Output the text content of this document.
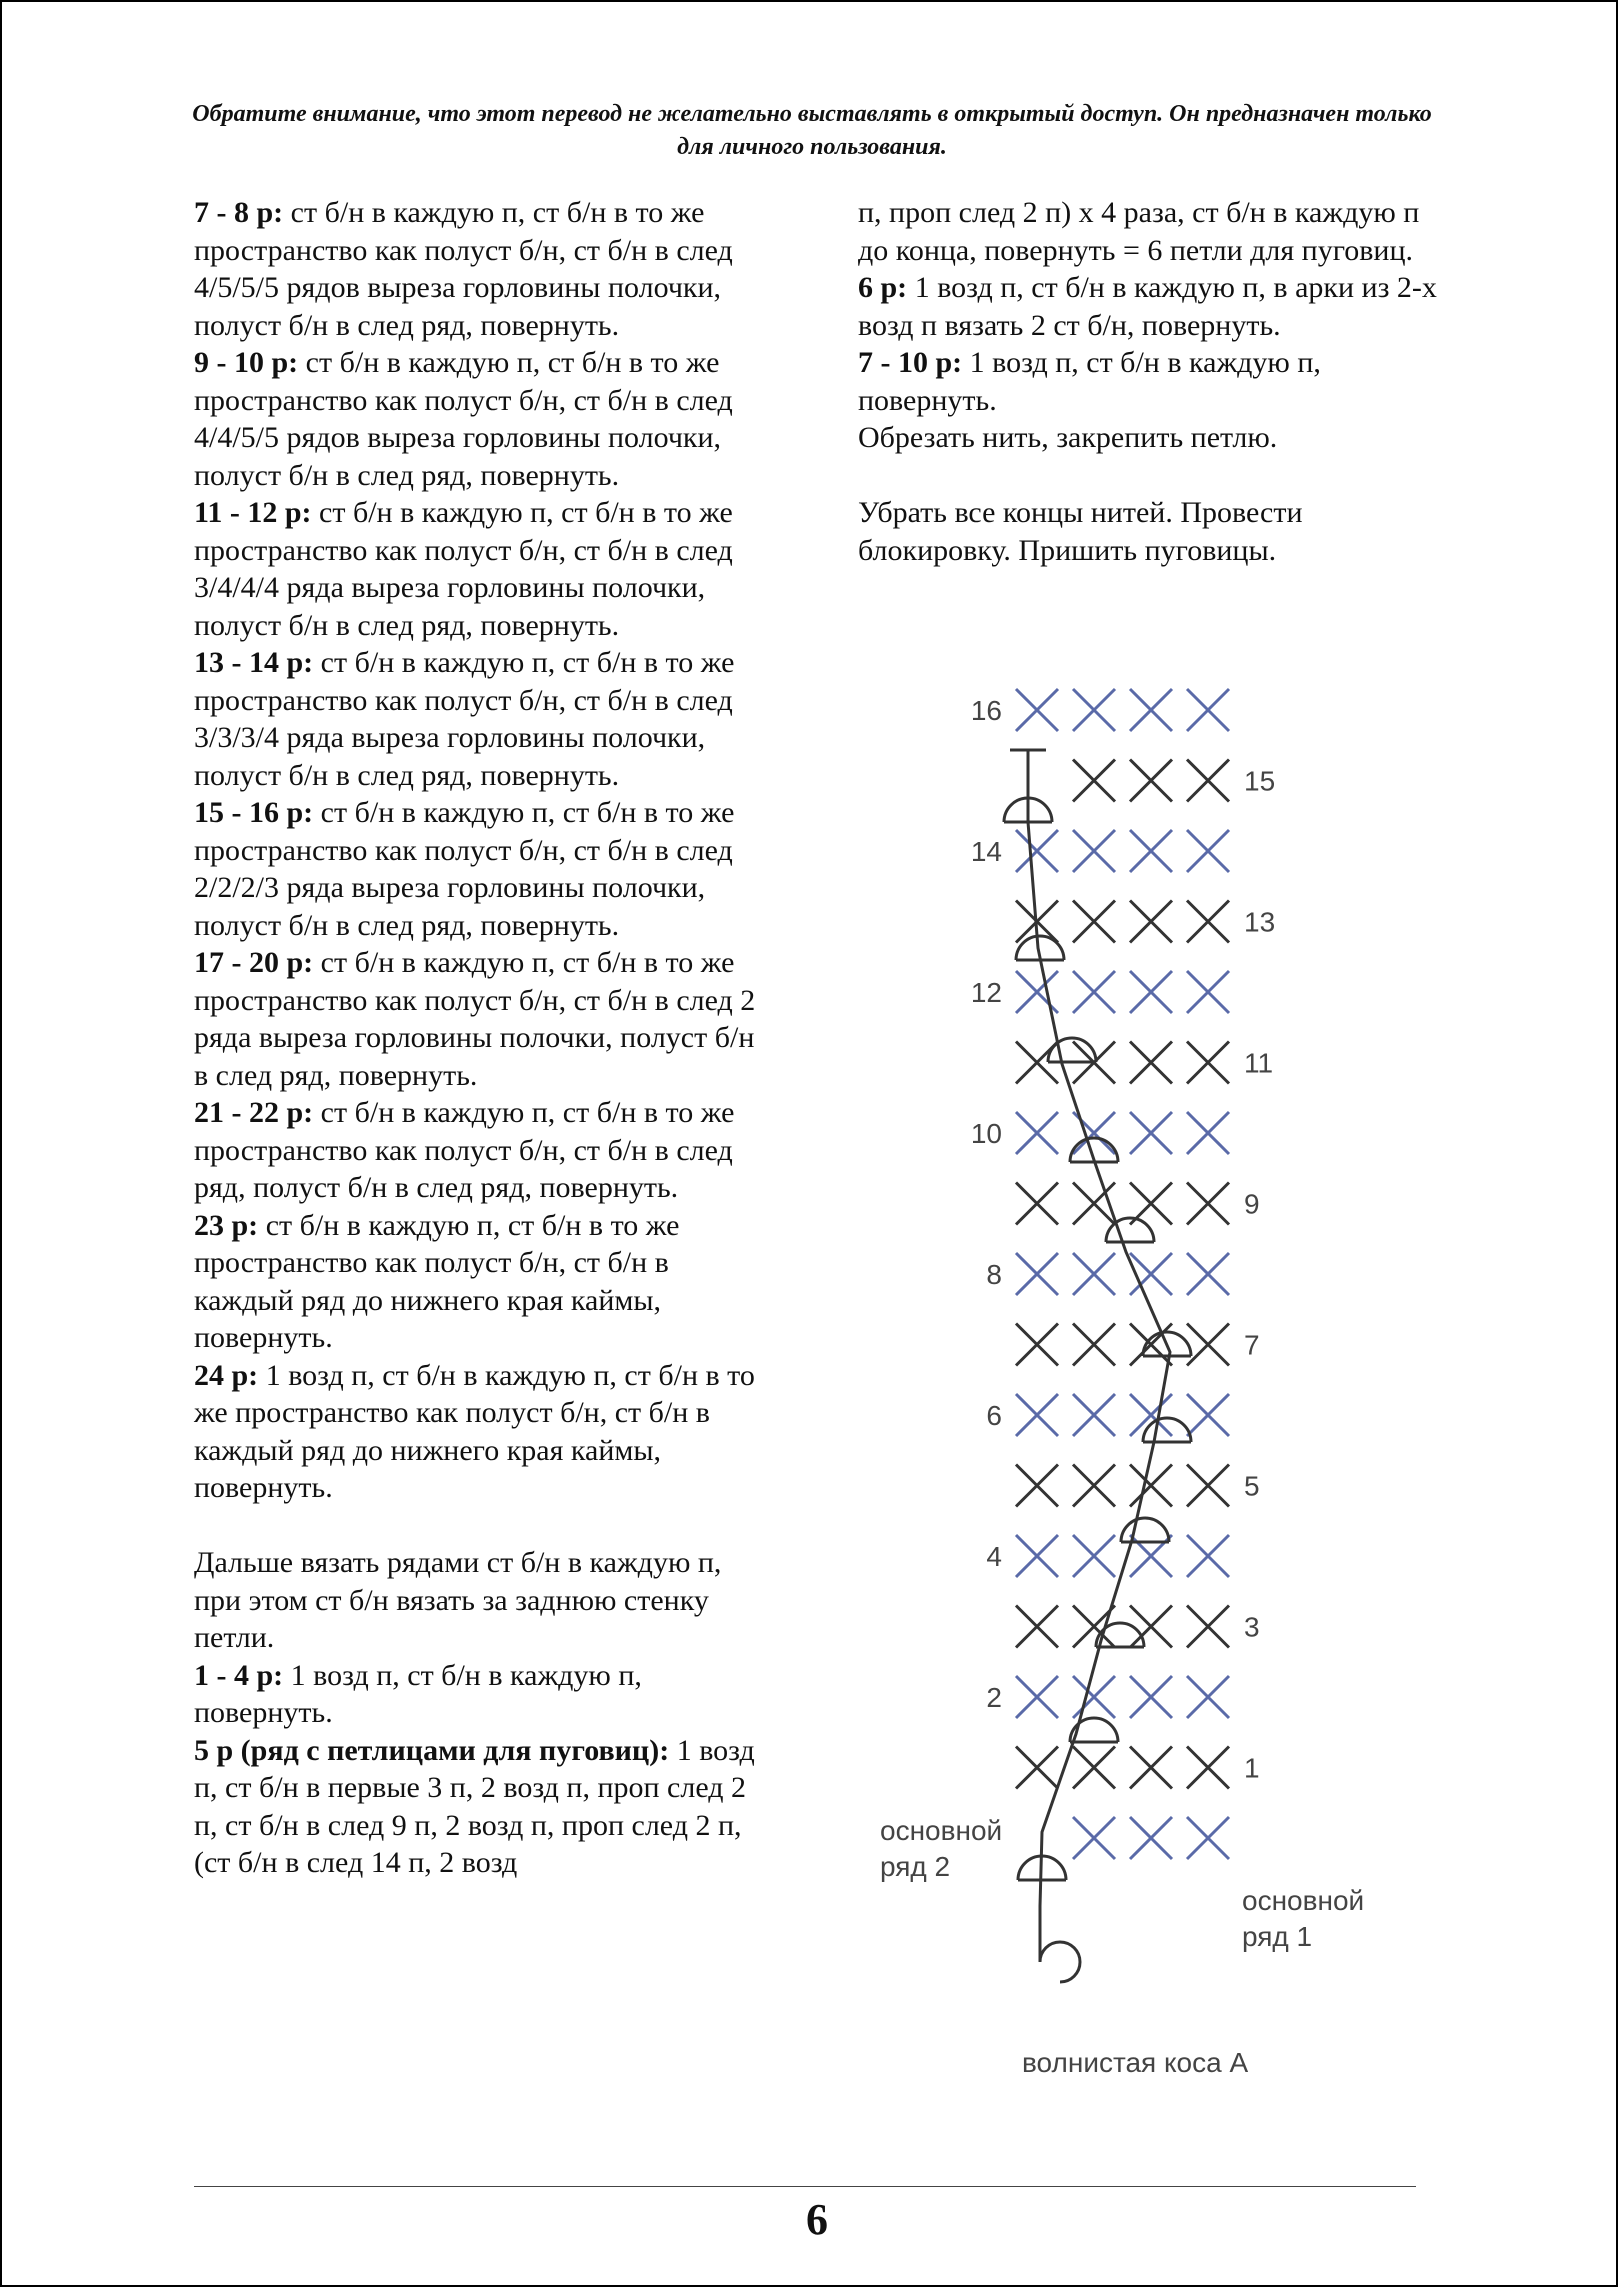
Обратите внимание, что этот перевод не желательно выставлять в открытый доступ. Он предназначен только для личного пользования.

7 - 8 р: ст б/н в каждую п, ст б/н в то же пространство как полуст б/н, ст б/н в след 4/5/5/5 рядов выреза горловины полочки, полуст б/н в след ряд, повернуть.

9 - 10 р: ст б/н в каждую п, ст б/н в то же пространство как полуст б/н, ст б/н в след 4/4/5/5 рядов выреза горловины полочки, полуст б/н в след ряд, повернуть.

11 - 12 р: ст б/н в каждую п, ст б/н в то же пространство как полуст б/н, ст б/н в след 3/4/4/4 ряда выреза горловины полочки, полуст б/н в след ряд, повернуть.

13 - 14 р: ст б/н в каждую п, ст б/н в то же пространство как полуст б/н, ст б/н в след 3/3/3/4 ряда выреза горловины полочки, полуст б/н в след ряд, повернуть.

15 - 16 р: ст б/н в каждую п, ст б/н в то же пространство как полуст б/н, ст б/н в след 2/2/2/3 ряда выреза горловины полочки, полуст б/н в след ряд, повернуть.

17 - 20 р: ст б/н в каждую п, ст б/н в то же пространство как полуст б/н, ст б/н в след 2 ряда выреза горловины полочки, полуст б/н в след ряд, повернуть.

21 - 22 р: ст б/н в каждую п, ст б/н в то же пространство как полуст б/н, ст б/н в след ряд, полуст б/н в след ряд, повернуть.

23 р: ст б/н в каждую п, ст б/н в то же пространство как полуст б/н, ст б/н в каждый ряд до нижнего края каймы, повернуть.

24 р: 1 возд п, ст б/н в каждую п, ст б/н в то же пространство как полуст б/н, ст б/н в каждый ряд до нижнего края каймы, повернуть.

Дальше вязать рядами ст б/н в каждую п, при этом ст б/н вязать за заднюю стенку петли.

1 - 4 р: 1 возд п, ст б/н в каждую п, повернуть.

5 р (ряд с петлицами для пуговиц): 1 возд п, ст б/н в первые 3 п, 2 возд п, проп след 2 п, ст б/н в след 9 п, 2 возд п, проп след 2 п, (ст б/н в след 14 п, 2 возд

п, проп след 2 п) х 4 раза, ст б/н в каждую п до конца, повернуть = 6 петли для пуговиц.

6 р: 1 возд п, ст б/н в каждую п, в арки из 2-х возд п вязать 2 ст б/н, повернуть.

7 - 10 р: 1 возд п, ст б/н в каждую п, повернуть.

Обрезать нить, закрепить петлю.

Убрать все концы нитей. Провести блокировку. Пришить пуговицы.

16
14
12
10
8
6
4
2
15
13
11
9
7
5
3
1
основной
ряд 2
основной
ряд 1
волнистая коса А
6
